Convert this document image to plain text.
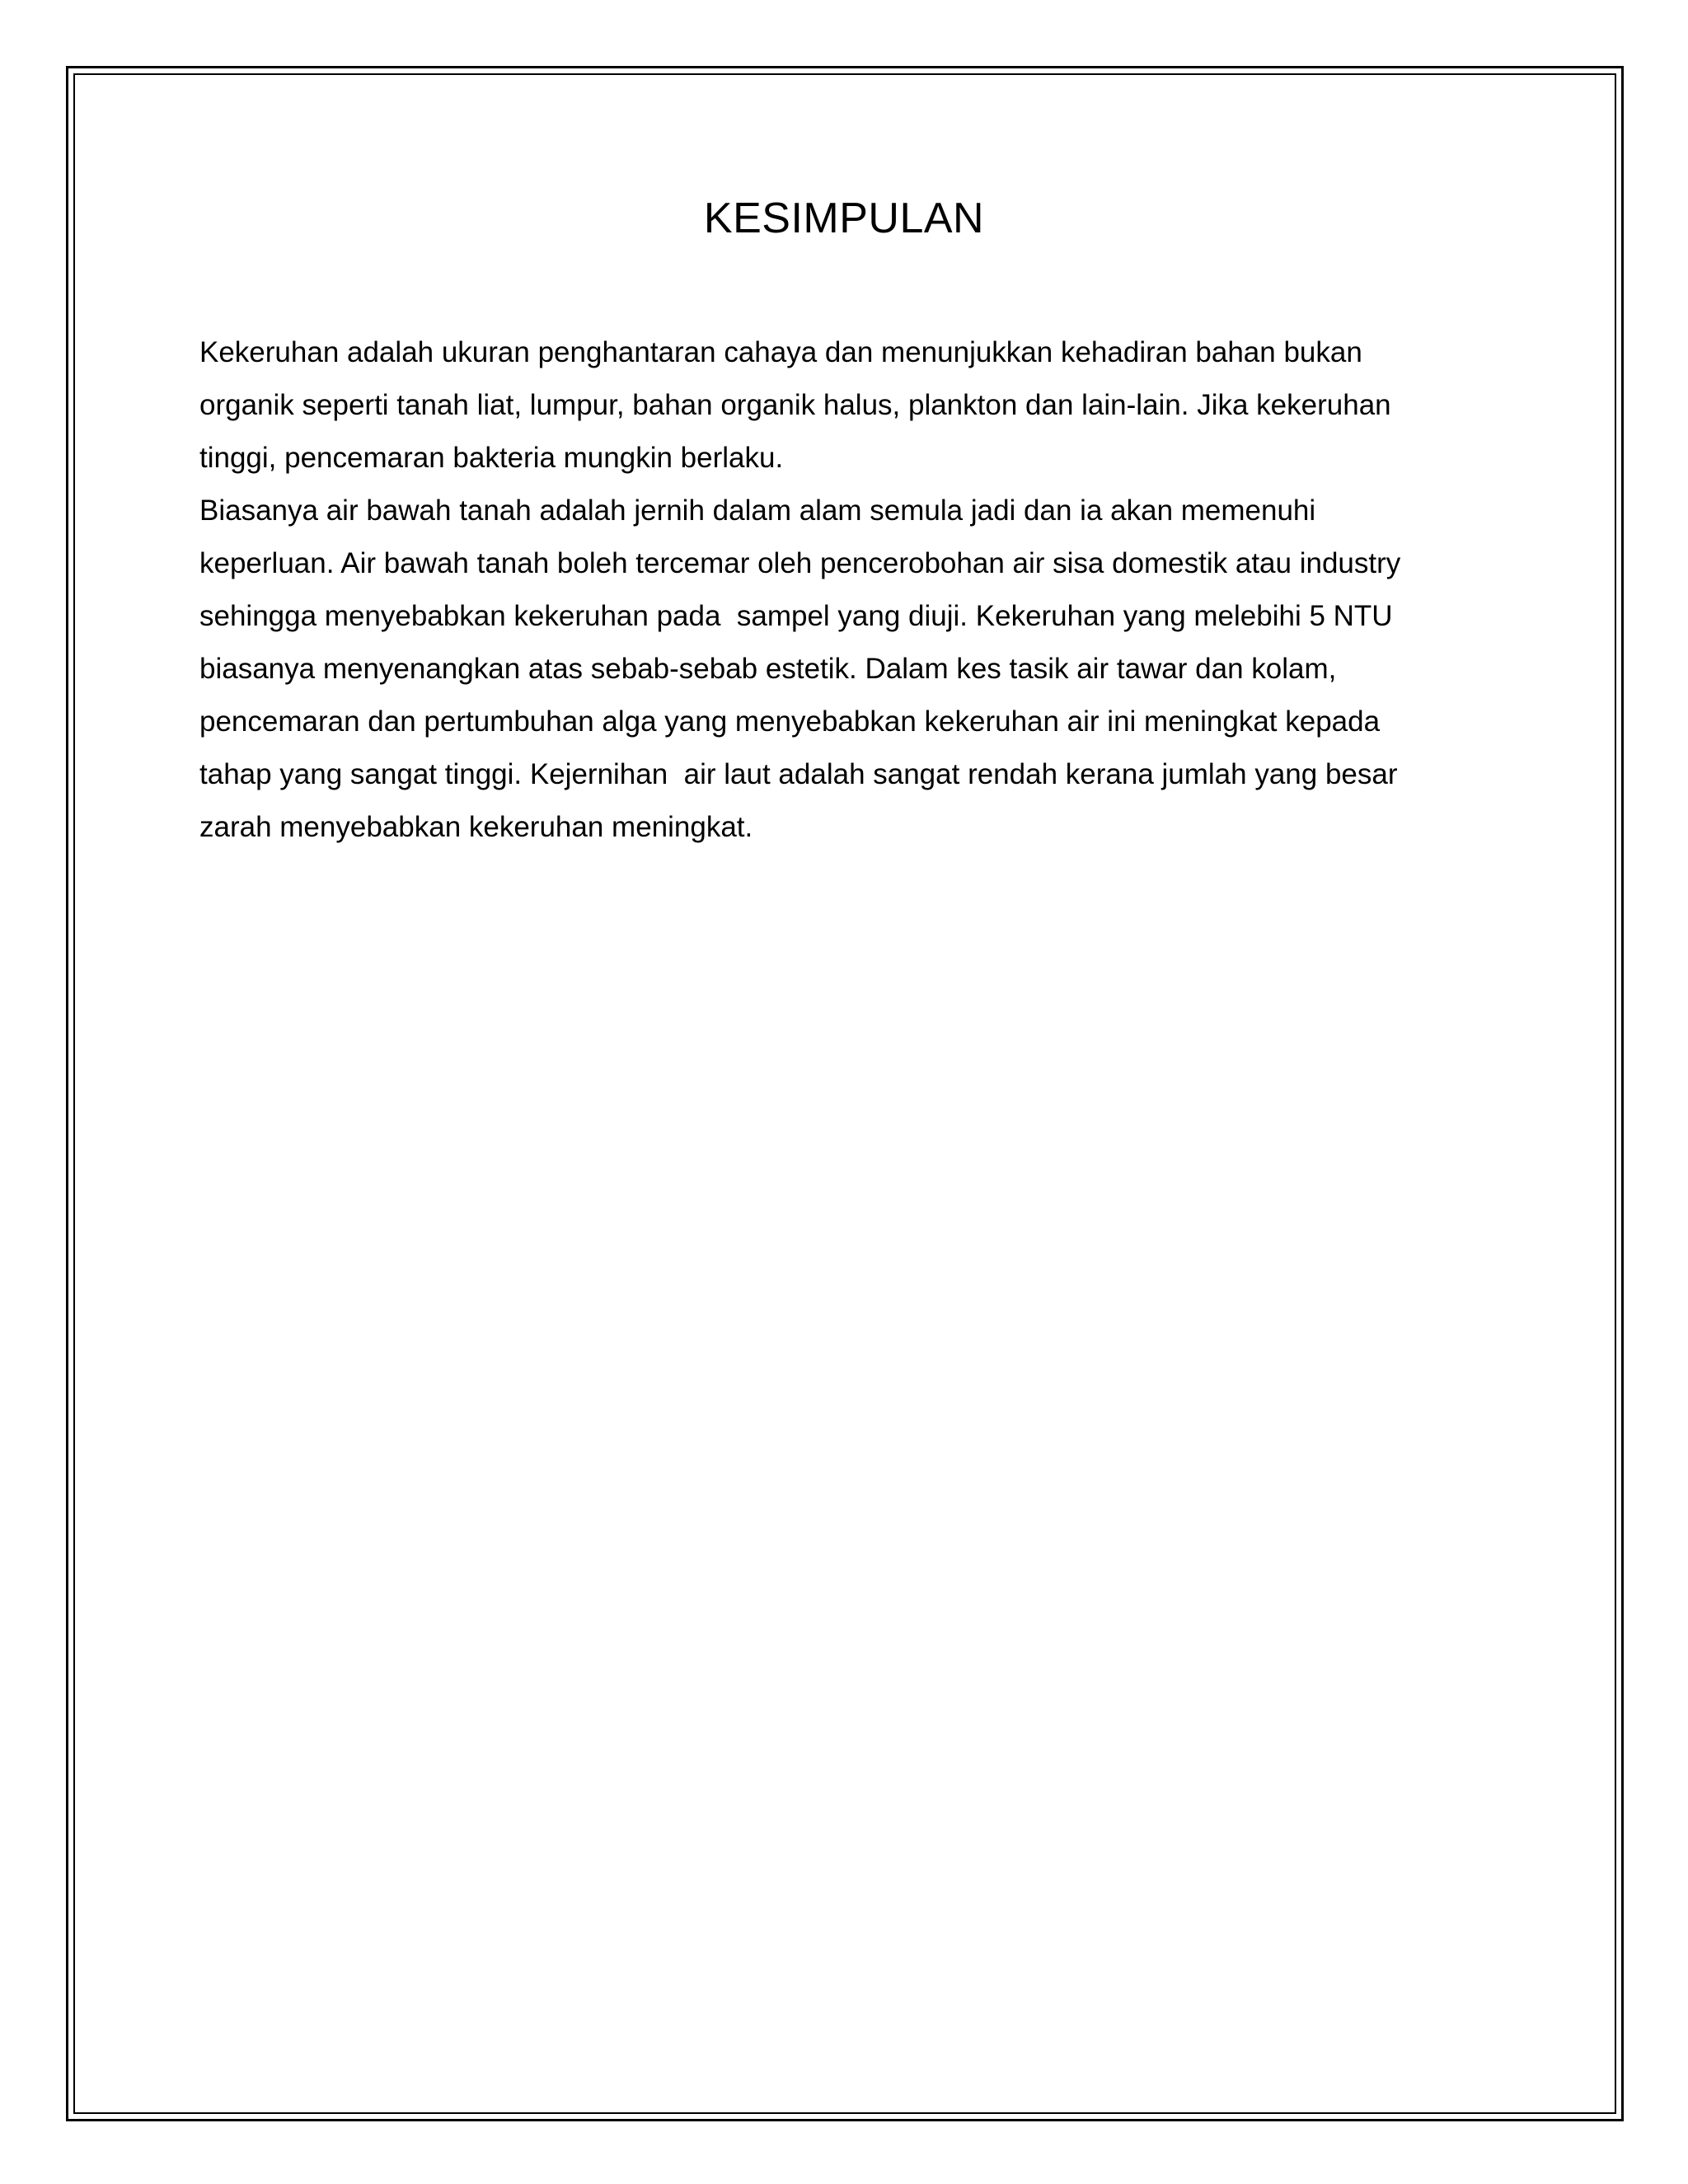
KESIMPULAN
Kekeruhan adalah ukuran penghantaran cahaya dan menunjukkan kehadiran bahan bukan
organik seperti tanah liat, lumpur, bahan organik halus, plankton dan lain-lain. Jika kekeruhan
tinggi, pencemaran bakteria mungkin berlaku.
Biasanya air bawah tanah adalah jernih dalam alam semula jadi dan ia akan memenuhi
keperluan. Air bawah tanah boleh tercemar oleh pencerobohan air sisa domestik atau industry
sehingga menyebabkan kekeruhan pada  sampel yang diuji. Kekeruhan yang melebihi 5 NTU
biasanya menyenangkan atas sebab-sebab estetik. Dalam kes tasik air tawar dan kolam,
pencemaran dan pertumbuhan alga yang menyebabkan kekeruhan air ini meningkat kepada
tahap yang sangat tinggi. Kejernihan  air laut adalah sangat rendah kerana jumlah yang besar
zarah menyebabkan kekeruhan meningkat.
